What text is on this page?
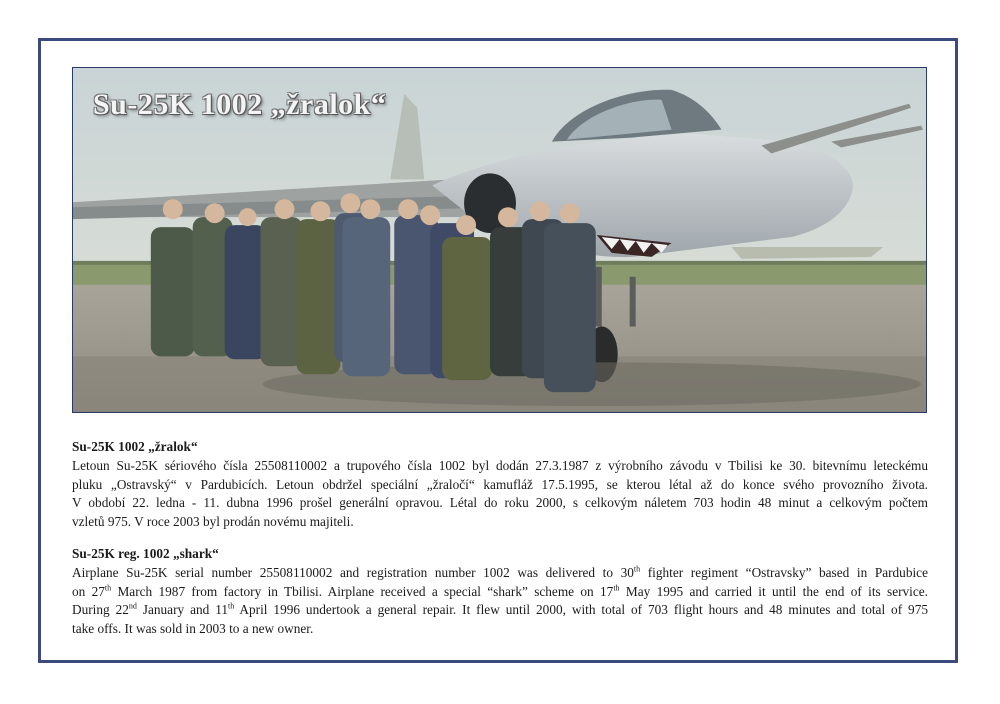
Su-25K 1002 „žralok“

Su-25K 1002 „žralok“

Letoun Su-25K sériového čísla 25508110002 a trupového čísla 1002 byl dodán 27.3.1987 z výrobního závodu v Tbilisi ke 30. bitevnímu leteckému
pluku „Ostravský“ v Pardubicích. Letoun obdržel speciální „žraločí“ kamufláž 17.5.1995, se kterou létal až do konce svého provozního života.
V období 22. ledna - 11. dubna 1996 prošel generální opravou. Létal do roku 2000, s celkovým náletem 703 hodin 48 minut a celkovým počtem
vzletů 975. V roce 2003 byl prodán novému majiteli.

Su-25K reg. 1002 „shark“

Airplane Su-25K serial number 25508110002 and registration number 1002 was delivered to 30th fighter regiment “Ostravsky” based in Pardubice
on 27th March 1987 from factory in Tbilisi. Airplane received a special “shark” scheme on 17th May 1995 and carried it until the end of its service.
During 22nd January and 11th April 1996 undertook a general repair. It flew until 2000, with total of 703 flight hours and 48 minutes and total of 975
take offs. It was sold in 2003 to a new owner.
